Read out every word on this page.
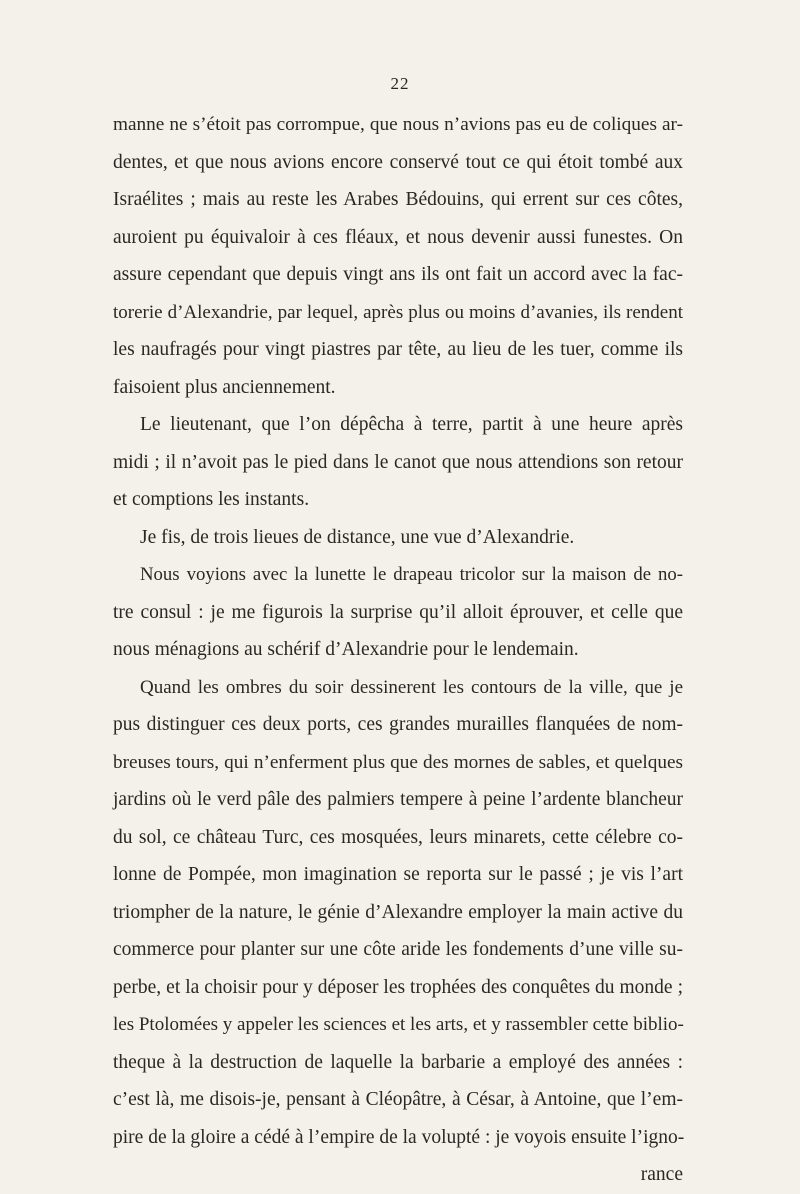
22
manne ne s’étoit pas corrompue, que nous n’avions pas eu de coliques ar-
dentes, et que nous avions encore conservé tout ce qui étoit tombé aux
Israélites ; mais au reste les Arabes Bédouins, qui errent sur ces côtes,
auroient pu équivaloir à ces fléaux, et nous devenir aussi funestes. On
assure cependant que depuis vingt ans ils ont fait un accord avec la fac-
torerie d’Alexandrie, par lequel, après plus ou moins d’avanies, ils rendent
les naufragés pour vingt piastres par tête, au lieu de les tuer, comme ils
faisoient plus anciennement.
Le lieutenant, que l’on dépêcha à terre, partit à une heure après
midi ; il n’avoit pas le pied dans le canot que nous attendions son retour
et comptions les instants.
Je fis, de trois lieues de distance, une vue d’Alexandrie.
Nous voyions avec la lunette le drapeau tricolor sur la maison de no-
tre consul : je me figurois la surprise qu’il alloit éprouver, et celle que
nous ménagions au schérif d’Alexandrie pour le lendemain.
Quand les ombres du soir dessinerent les contours de la ville, que je
pus distinguer ces deux ports, ces grandes murailles flanquées de nom-
breuses tours, qui n’enferment plus que des mornes de sables, et quelques
jardins où le verd pâle des palmiers tempere à peine l’ardente blancheur
du sol, ce château Turc, ces mosquées, leurs minarets, cette célebre co-
lonne de Pompée, mon imagination se reporta sur le passé ; je vis l’art
triompher de la nature, le génie d’Alexandre employer la main active du
commerce pour planter sur une côte aride les fondements d’une ville su-
perbe, et la choisir pour y déposer les trophées des conquêtes du monde ;
les Ptolomées y appeler les sciences et les arts, et y rassembler cette biblio-
theque à la destruction de laquelle la barbarie a employé des années :
c’est là, me disois-je, pensant à Cléopâtre, à César, à Antoine, que l’em-
pire de la gloire a cédé à l’empire de la volupté : je voyois ensuite l’igno-
rance
